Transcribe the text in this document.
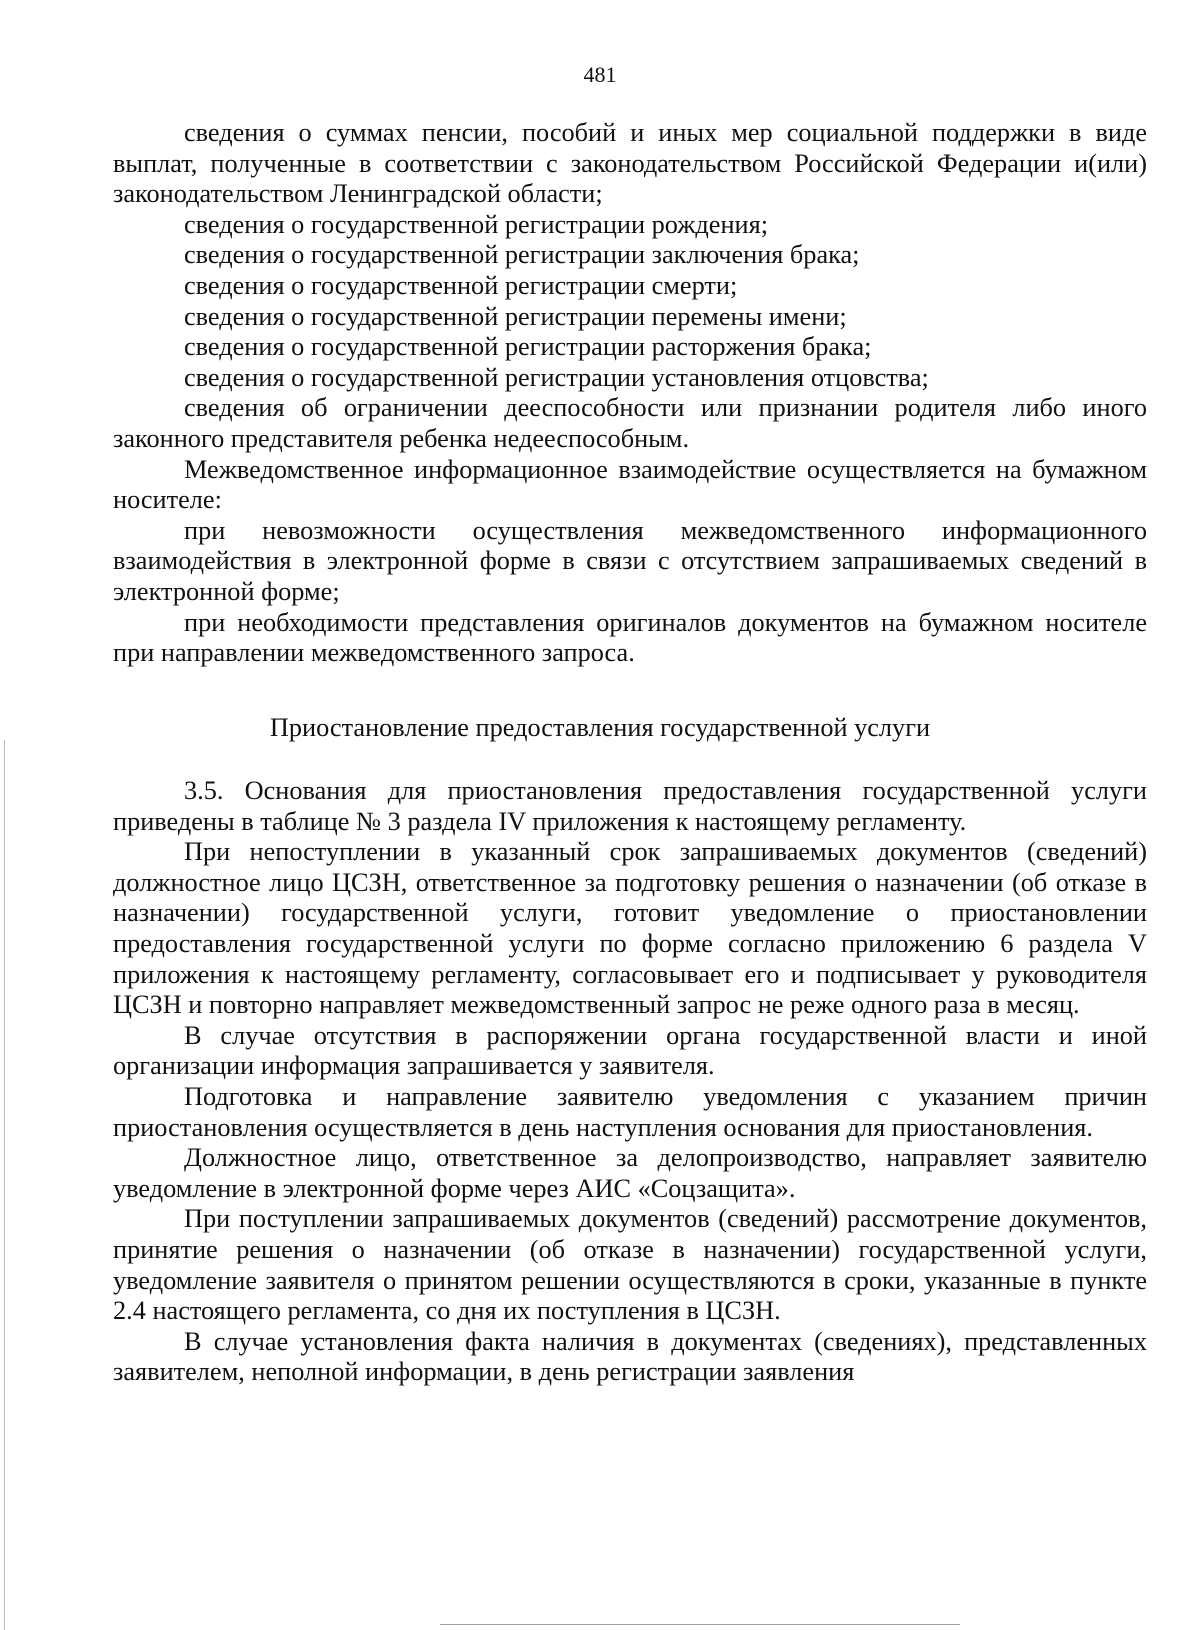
481

сведения о суммах пенсии, пособий и иных мер социальной поддержки в виде выплат, полученные в соответствии с законодательством Российской Федерации и(или) законодательством Ленинградской области;

сведения о государственной регистрации рождения;

сведения о государственной регистрации заключения брака;

сведения о государственной регистрации смерти;

сведения о государственной регистрации перемены имени;

сведения о государственной регистрации расторжения брака;

сведения о государственной регистрации установления отцовства;

сведения об ограничении дееспособности или признании родителя либо иного законного представителя ребенка недееспособным.

Межведомственное информационное взаимодействие осуществляется на бумажном носителе:

при невозможности осуществления межведомственного информационного взаимодействия в электронной форме в связи с отсутствием запрашиваемых сведений в электронной форме;

при необходимости представления оригиналов документов на бумажном носителе при направлении межведомственного запроса.

Приостановление предоставления государственной услуги

3.5. Основания для приостановления предоставления государственной услуги приведены в таблице № 3 раздела IV приложения к настоящему регламенту.

При непоступлении в указанный срок запрашиваемых документов (сведений) должностное лицо ЦСЗН, ответственное за подготовку решения о назначении (об отказе в назначении) государственной услуги, готовит уведомление о приостановлении предоставления государственной услуги по форме согласно приложению 6 раздела V приложения к настоящему регламенту, согласовывает его и подписывает у руководителя ЦСЗН и повторно направляет межведомственный запрос не реже одного раза в месяц.

В случае отсутствия в распоряжении органа государственной власти и иной организации информация запрашивается у заявителя.

Подготовка и направление заявителю уведомления с указанием причин приостановления осуществляется в день наступления основания для приостановления.

Должностное лицо, ответственное за делопроизводство, направляет заявителю уведомление в электронной форме через АИС «Соцзащита».

При поступлении запрашиваемых документов (сведений) рассмотрение документов, принятие решения о назначении (об отказе в назначении) государственной услуги, уведомление заявителя о принятом решении осуществляются в сроки, указанные в пункте 2.4 настоящего регламента, со дня их поступления в ЦСЗН.

В случае установления факта наличия в документах (сведениях), представленных заявителем, неполной информации, в день регистрации заявления
